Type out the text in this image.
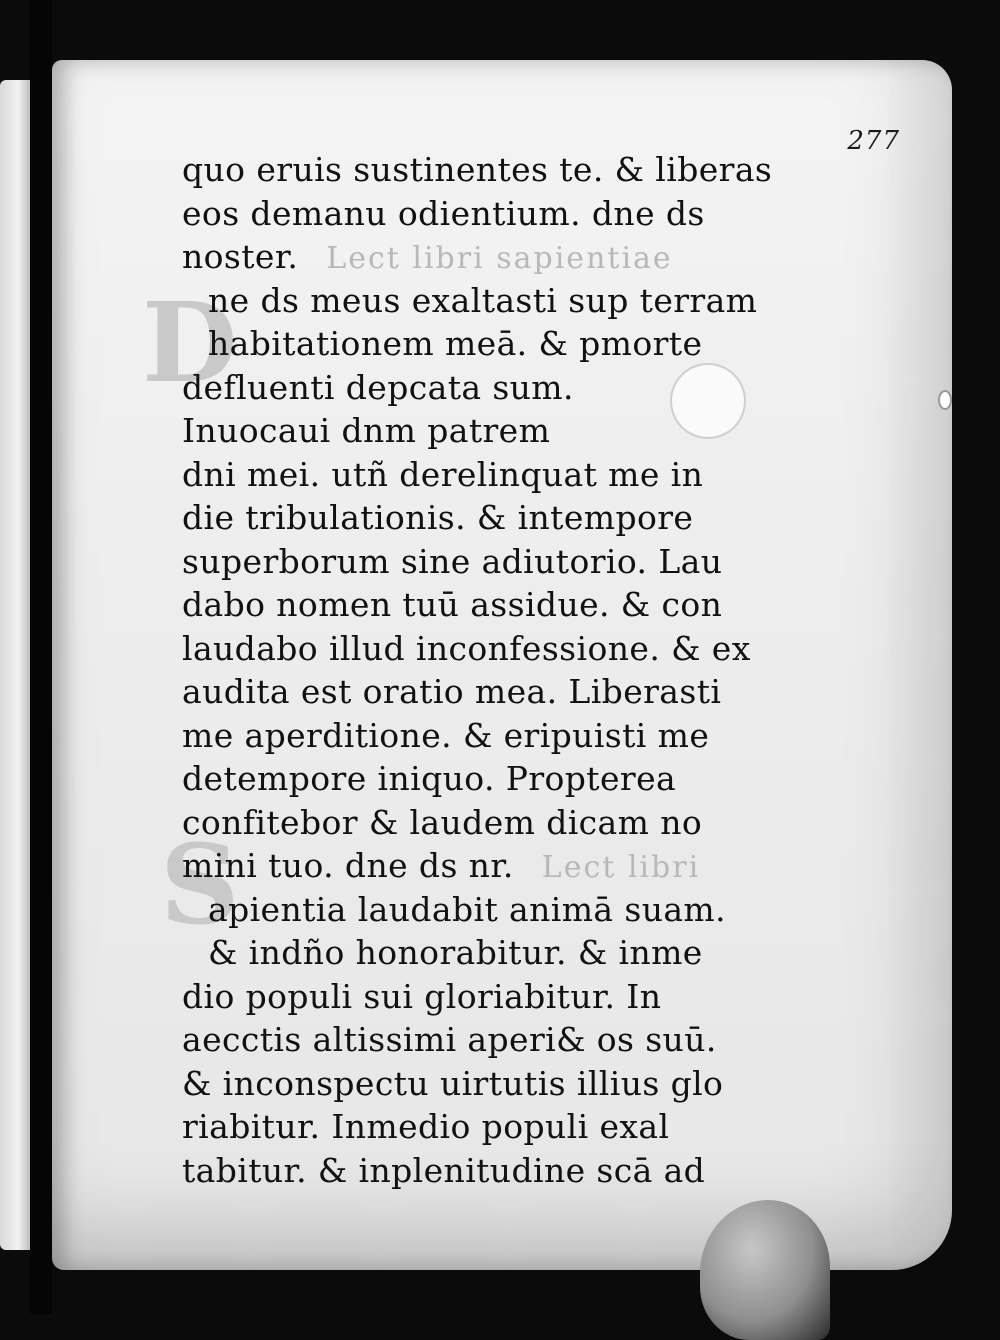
D
S
277
quo eruis sustinentes te. & liberas
eos demanu odientium. dne ds
noster. Lect libri sapientiae
ne ds meus exaltasti sup terram
habitationem meā. & pmorte
defluenti depcata sum.
Inuocaui dnm patrem
dni mei. utñ derelinquat me in
die tribulationis. & intempore
superborum sine adiutorio. Lau
dabo nomen tuū assidue. & con
laudabo illud inconfessione. & ex
audita est oratio mea. Liberasti
me aperditione. & eripuisti me
detempore iniquo. Propterea
confitebor & laudem dicam no
mini tuo. dne ds nr. Lect libri
apientia laudabit animā suam.
& indño honorabitur. & inme
dio populi sui gloriabitur. In
aecctis altissimi aperi& os suū.
& inconspectu uirtutis illius glo
riabitur. Inmedio populi exal
tabitur. & inplenitudine scā ad
